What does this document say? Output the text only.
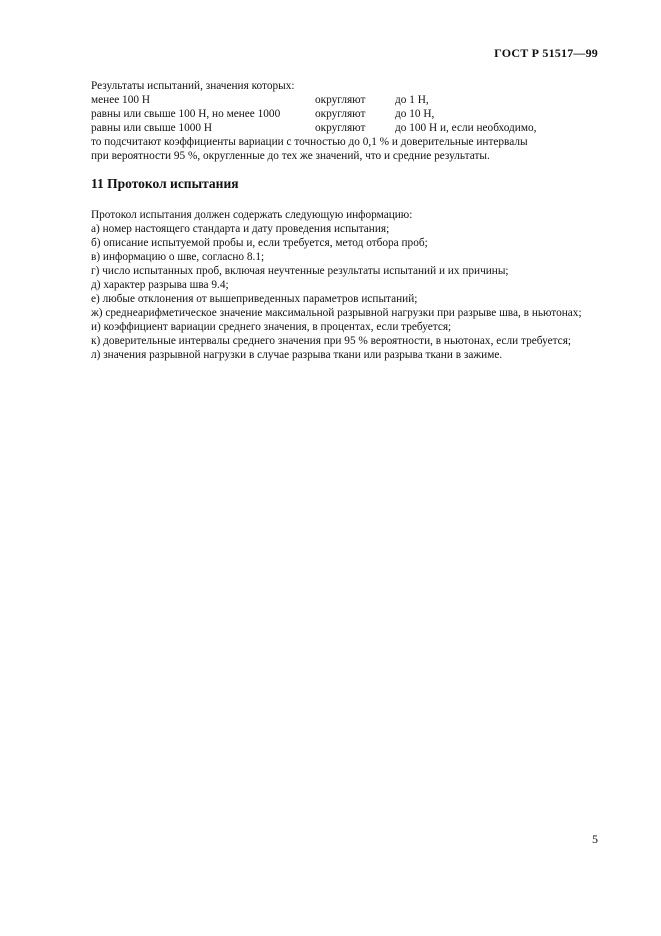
ГОСТ Р 51517—99
Результаты испытаний, значения которых:
менее 100 Н	округляют	до 1 Н,
равны или свыше 100 Н, но менее 1000	округляют	до 10 Н,
равны или свыше 1000 Н	округляют	до 100 Н и, если необходимо,
то подсчитают коэффициенты вариации с точностью до 0,1 % и доверительные интервалы
при вероятности 95 %, округленные до тех же значений, что и средние результаты.
11 Протокол испытания
Протокол испытания должен содержать следующую информацию:
а) номер настоящего стандарта и дату проведения испытания;
б) описание испытуемой пробы и, если требуется, метод отбора проб;
в) информацию о шве, согласно 8.1;
г) число испытанных проб, включая неучтенные результаты испытаний и их причины;
д) характер разрыва шва 9.4;
е) любые отклонения от вышеприведенных параметров испытаний;
ж) среднеарифметическое значение максимальной разрывной нагрузки при разрыве шва, в ньютонах;
и) коэффициент вариации среднего значения, в процентах, если требуется;
к) доверительные интервалы среднего значения при 95 % вероятности, в ньютонах, если требуется;
л) значения разрывной нагрузки в случае разрыва ткани или разрыва ткани в зажиме.
5
